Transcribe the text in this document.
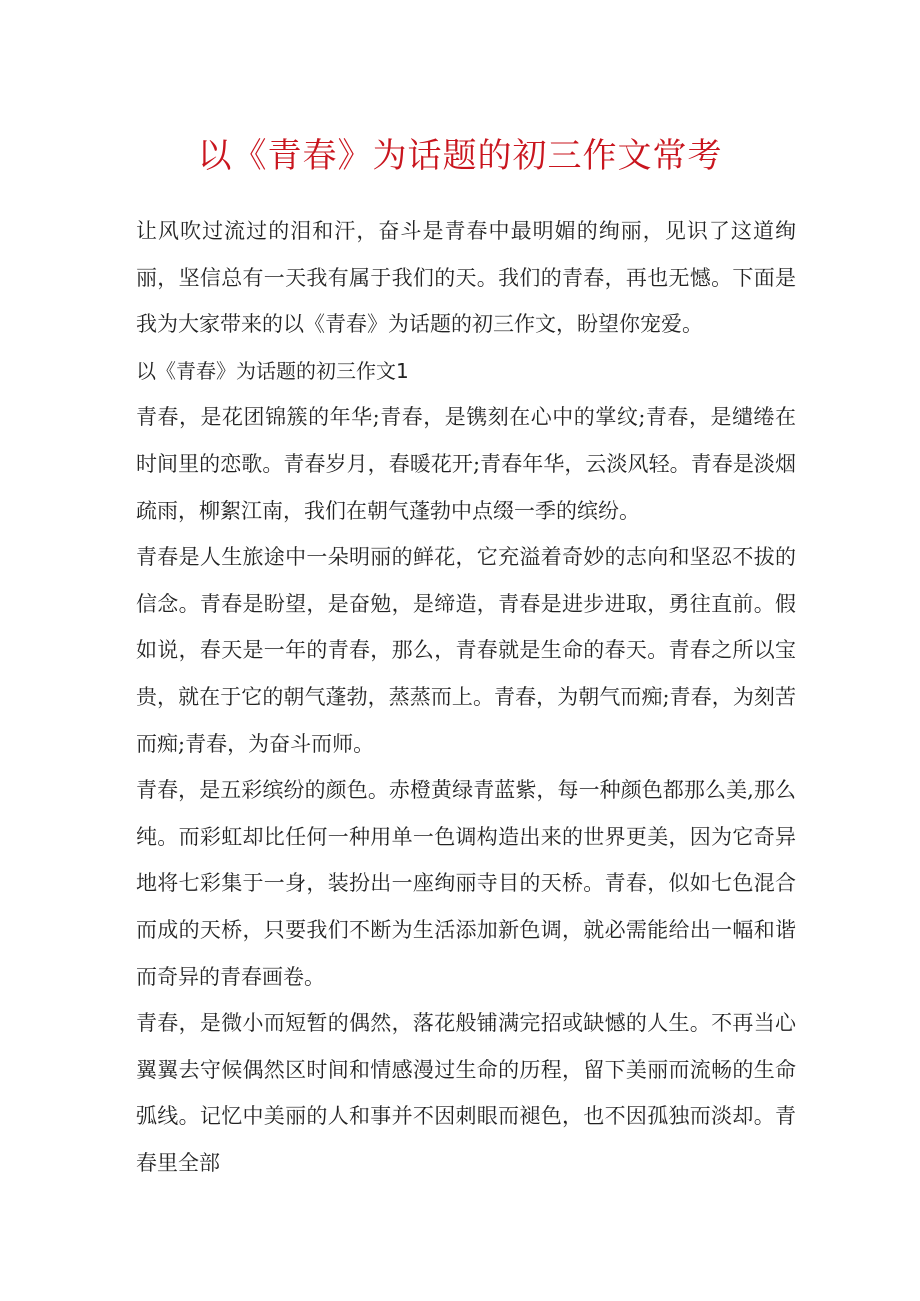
以《青春》为话题的初三作文常考

让风吹过流过的泪和汗，奋斗是青春中最明媚的绚丽，见识了这道绚丽，坚信总有一天我有属于我们的天。我们的青春，再也无憾。下面是我为大家带来的以《青春》为话题的初三作文，盼望你宠爱。

以《青春》为话题的初三作文1

青春，是花团锦簇的年华;青春，是镌刻在心中的掌纹;青春，是缱绻在时间里的恋歌。青春岁月，春暖花开;青春年华，云淡风轻。青春是淡烟疏雨，柳絮江南，我们在朝气蓬勃中点缀一季的缤纷。

青春是人生旅途中一朵明丽的鲜花，它充溢着奇妙的志向和坚忍不拔的信念。青春是盼望，是奋勉，是缔造，青春是进步进取，勇往直前。假如说，春天是一年的青春，那么，青春就是生命的春天。青春之所以宝贵，就在于它的朝气蓬勃，蒸蒸而上。青春，为朝气而痴;青春，为刻苦而痴;青春，为奋斗而师。

青春，是五彩缤纷的颜色。赤橙黄绿青蓝紫，每一种颜色都那么美,那么纯。而彩虹却比任何一种用单一色调构造出来的世界更美，因为它奇异地将七彩集于一身，装扮出一座绚丽寺目的天桥。青春，似如七色混合而成的天桥，只要我们不断为生活添加新色调，就必需能给出一幅和谐而奇异的青春画卷。

青春，是微小而短暂的偶然，落花般铺满完招或缺憾的人生。不再当心翼翼去守候偶然区时间和情感漫过生命的历程，留下美丽而流畅的生命弧线。记忆中美丽的人和事并不因刺眼而褪色，也不因孤独而淡却。青春里全部
